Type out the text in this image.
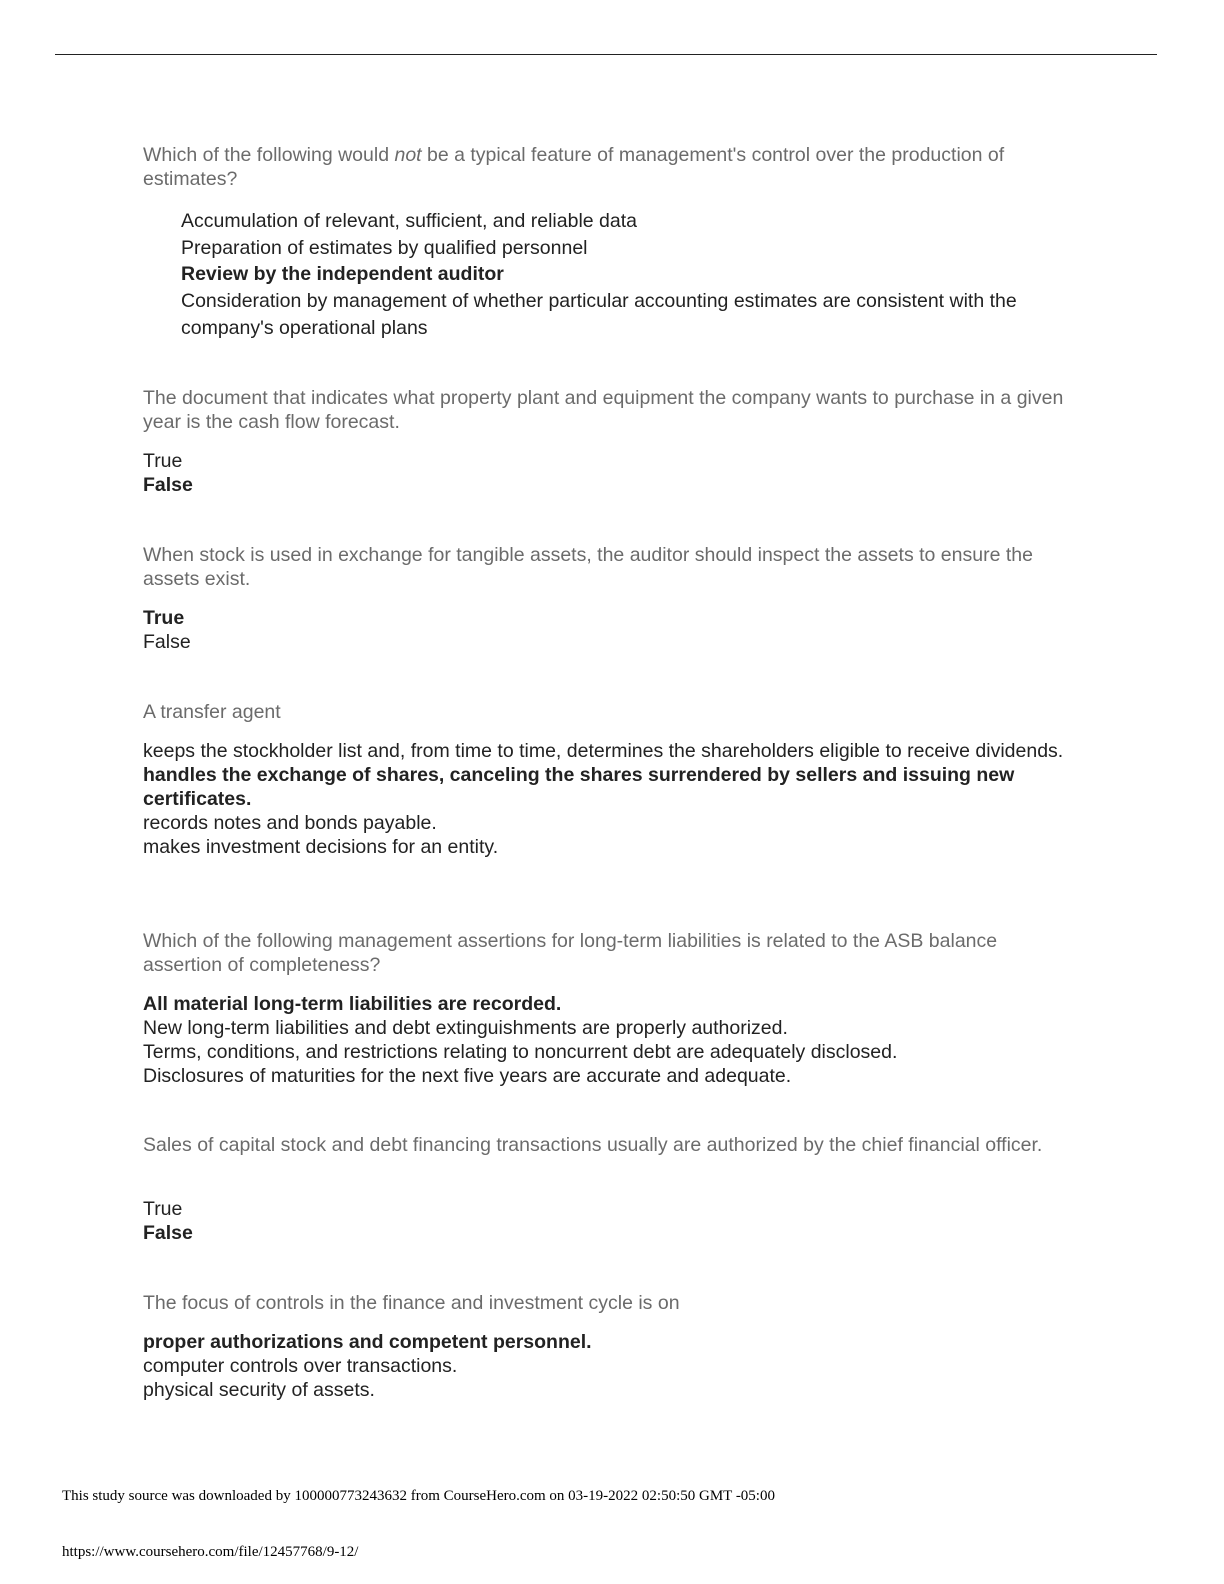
Which of the following would not be a typical feature of management's control over the production of estimates?

Accumulation of relevant, sufficient, and reliable data
Preparation of estimates by qualified personnel
Review by the independent auditor
Consideration by management of whether particular accounting estimates are consistent with the company's operational plans

The document that indicates what property plant and equipment the company wants to purchase in a given year is the cash flow forecast.

True
False

When stock is used in exchange for tangible assets, the auditor should inspect the assets to ensure the assets exist.

True
False

A transfer agent

keeps the stockholder list and, from time to time, determines the shareholders eligible to receive dividends.
handles the exchange of shares, canceling the shares surrendered by sellers and issuing new certificates.
records notes and bonds payable.
makes investment decisions for an entity.

Which of the following management assertions for long-term liabilities is related to the ASB balance assertion of completeness?

All material long-term liabilities are recorded.
New long-term liabilities and debt extinguishments are properly authorized.
Terms, conditions, and restrictions relating to noncurrent debt are adequately disclosed.
Disclosures of maturities for the next five years are accurate and adequate.

Sales of capital stock and debt financing transactions usually are authorized by the chief financial officer.

True
False

The focus of controls in the finance and investment cycle is on

proper authorizations and competent personnel.
computer controls over transactions.
physical security of assets.
This study source was downloaded by 100000773243632 from CourseHero.com on 03-19-2022 02:50:50 GMT -05:00
https://www.coursehero.com/file/12457768/9-12/
